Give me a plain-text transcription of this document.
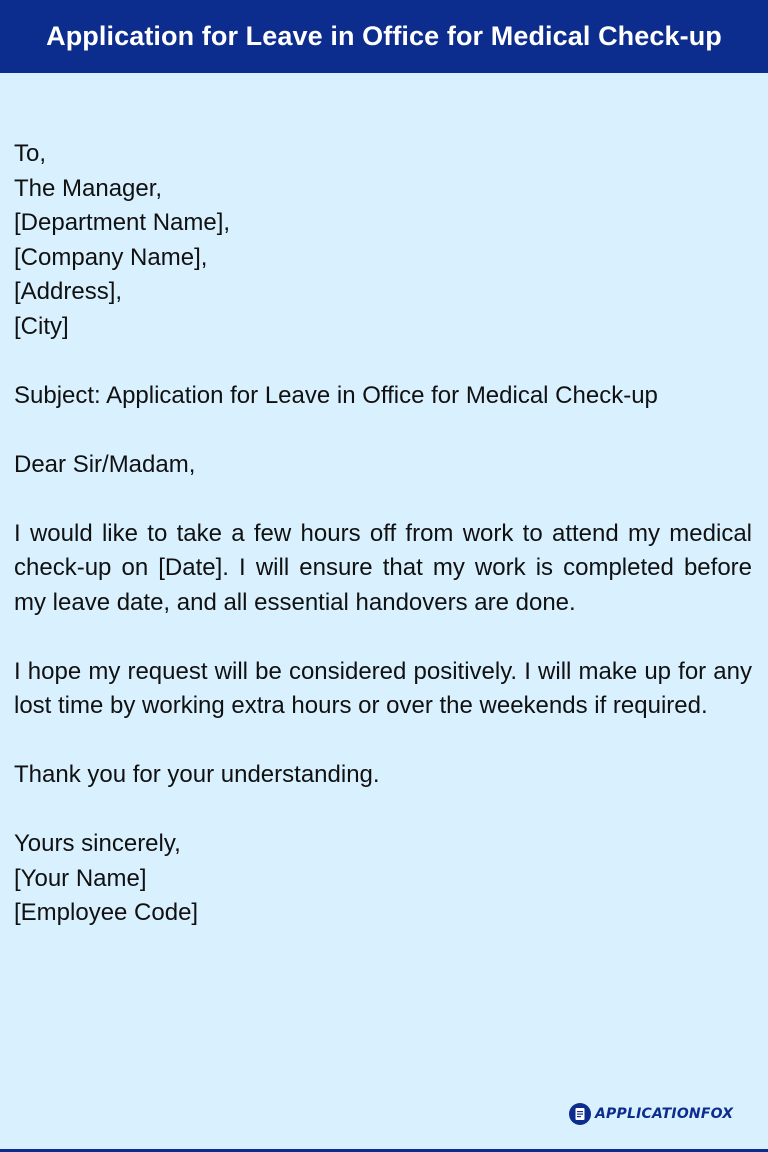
Application for Leave in Office for Medical Check-up
To,
The Manager,
[Department Name],
[Company Name],
[Address],
[City]
Subject: Application for Leave in Office for Medical Check-up
Dear Sir/Madam,
I would like to take a few hours off from work to attend my medical check-up on [Date]. I will ensure that my work is completed before my leave date, and all essential handovers are done.
I hope my request will be considered positively. I will make up for any lost time by working extra hours or over the weekends if required.
Thank you for your understanding.
Yours sincerely,
[Your Name]
[Employee Code]
APPLICATIONFOX
